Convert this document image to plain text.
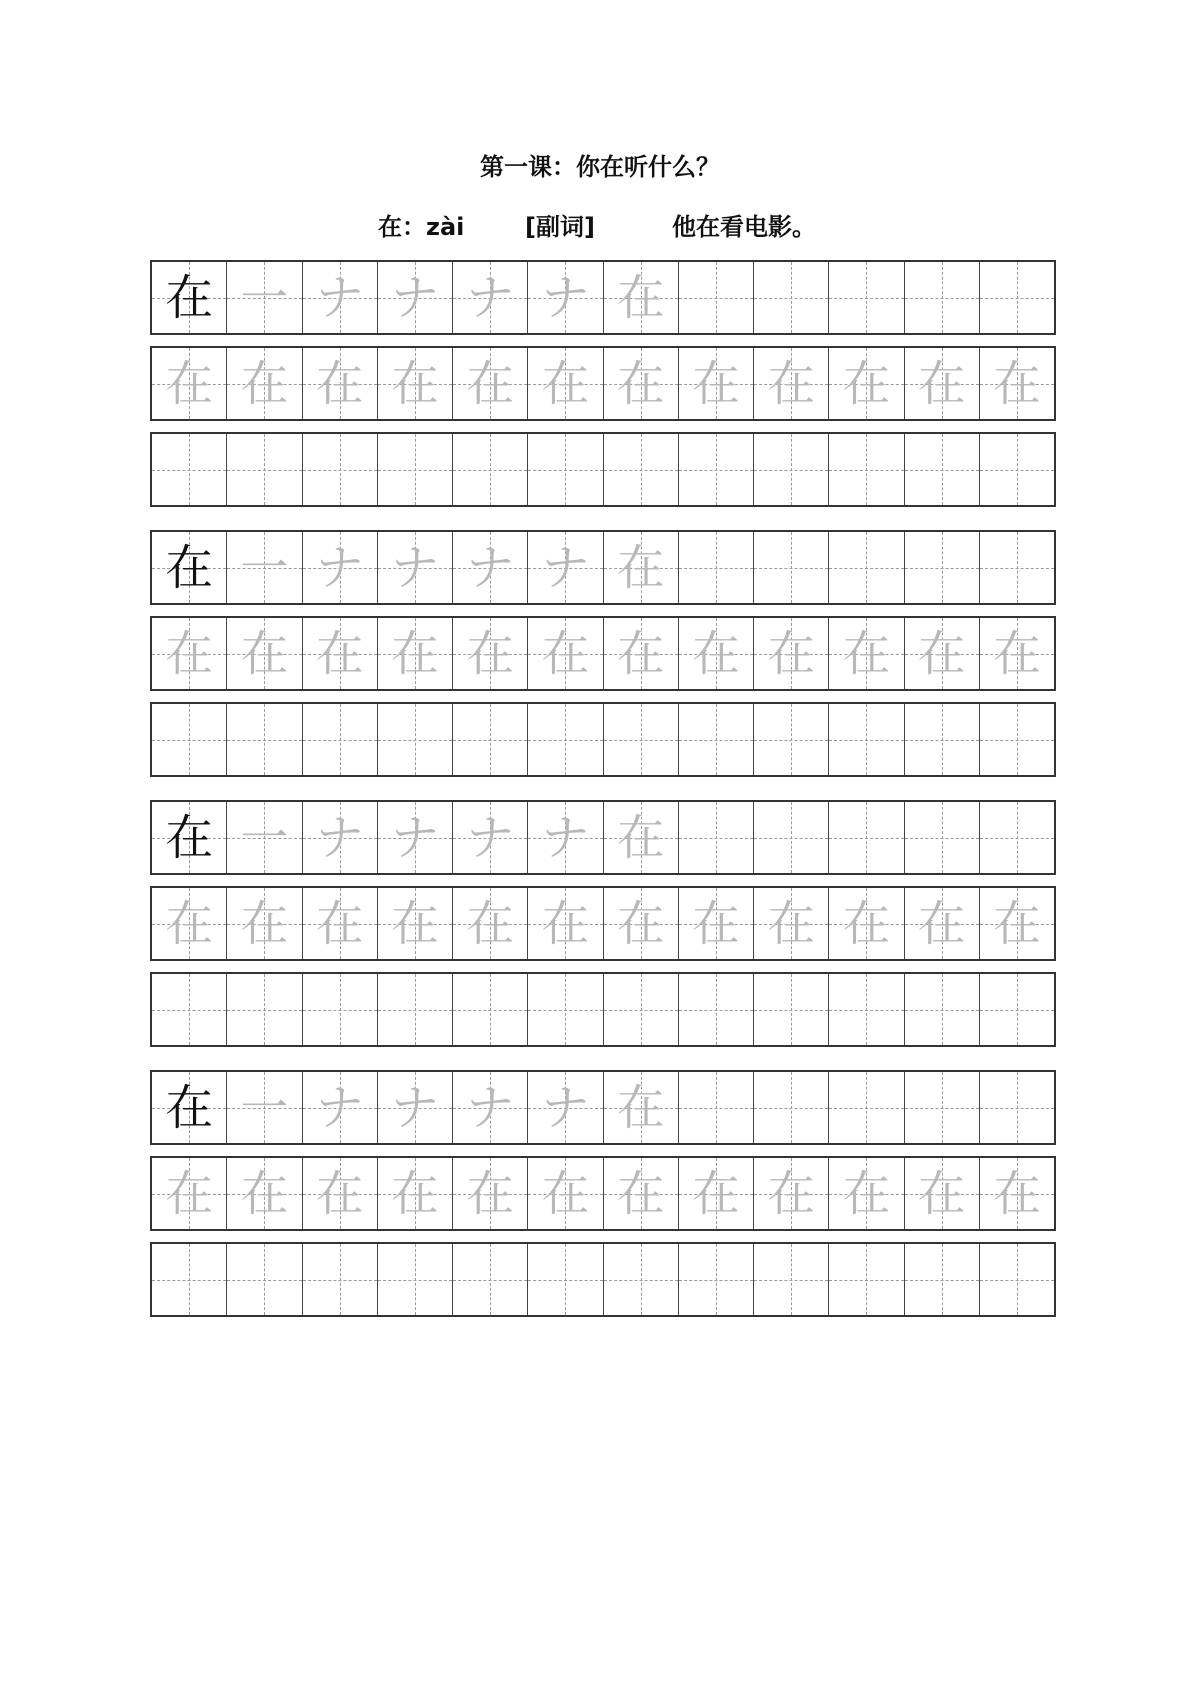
第一课：你在听什么？
在：zài	[副词]	他在看电影。
在 一 ナ ナ ナ ナ 在
在 在 在 在 在 在 在 在 在 在 在 在
在 一 ナ ナ ナ ナ 在
在 在 在 在 在 在 在 在 在 在 在 在
在 一 ナ ナ ナ ナ 在
在 在 在 在 在 在 在 在 在 在 在 在
在 一 ナ ナ ナ ナ 在
在 在 在 在 在 在 在 在 在 在 在 在
